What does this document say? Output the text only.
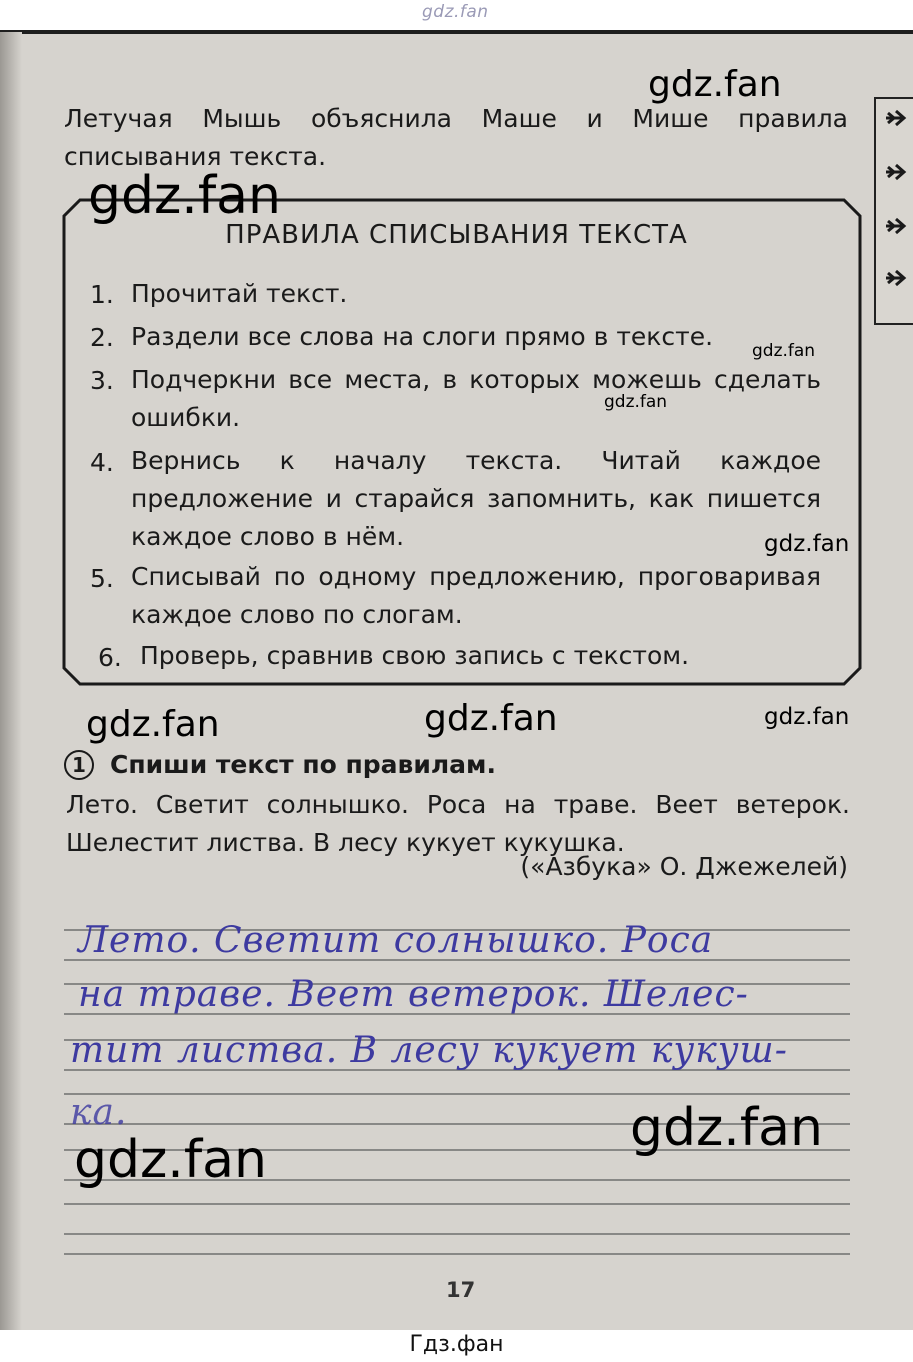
gdz.fan
Летучая Мышь объяснила Маше и Мише правила списывания текста.
ПРАВИЛА СПИСЫВАНИЯ ТЕКСТА
1. Прочитай текст.
2. Раздели все слова на слоги прямо в тексте.
3. Подчеркни все места, в которых можешь сделать ошибки.
4. Вернись к началу текста. Читай каждое предложение и старайся запомнить, как пишется каждое слово в нём.
5. Списывай по одному предложению, проговаривая каждое слово по слогам.
6. Проверь, сравнив свою запись с текстом.
1 Спиши текст по правилам.
Лето. Светит солнышко. Роса на траве. Веет ветерок. Шелестит листва. В лесу кукует кукушка.
(«Азбука» О. Джежелей)
Лето. Светит солнышко. Роса
на траве. Веет ветерок. Шелес-
тит листва. В лесу кукует кукуш-
ка.
gdz.fan
gdz.fan
gdz.fan
gdz.fan
gdz.fan
gdz.fan	gdz.fan	gdz.fan
gdz.fan
gdz.fan
17
Гдз.фан
